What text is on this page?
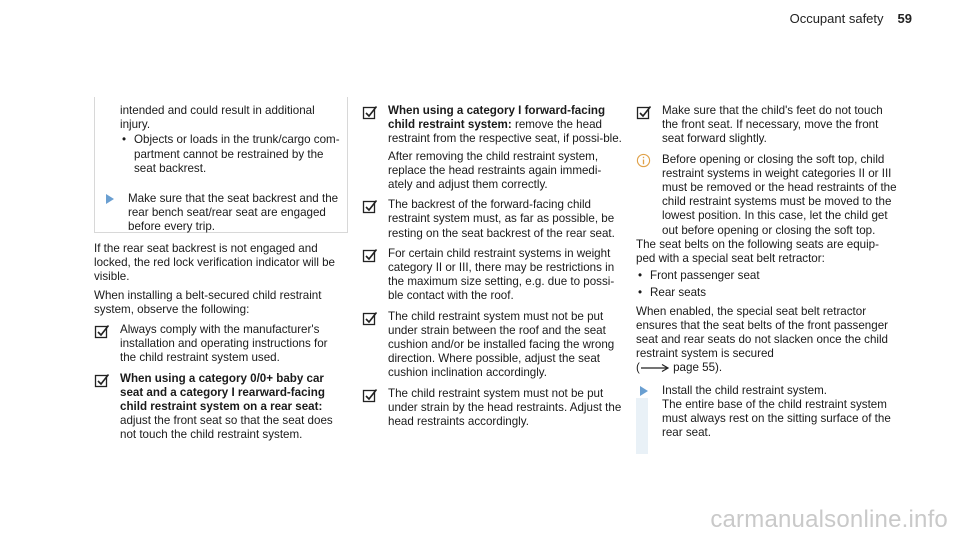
Occupant safety 59

intended and could result in additional injury.

• Objects or loads in the trunk/cargo com-partment cannot be restrained by the seat backrest.
Make sure that the seat backrest and the rear bench seat/rear seat are engaged before every trip.

If the rear seat backrest is not engaged and locked, the red lock verification indicator will be visible.

When installing a belt-secured child restraint system, observe the following:

Always comply with the manufacturer's installation and operating instructions for the child restraint system used.
When using a category 0/0+ baby car seat and a category I rearward-facing child restraint system on a rear seat: adjust the front seat so that the seat does not touch the child restraint system.
When using a category I forward-facing child restraint system: remove the head restraint from the respective seat, if possi-ble.

After removing the child restraint system, replace the head restraints again immedi-ately and adjust them correctly.

The backrest of the forward-facing child restraint system must, as far as possible, be resting on the seat backrest of the rear seat.
For certain child restraint systems in weight category II or III, there may be restrictions in the maximum size setting, e.g. due to possi-ble contact with the roof.
The child restraint system must not be put under strain between the roof and the seat cushion and/or be installed facing the wrong direction. Where possible, adjust the seat cushion inclination accordingly.
The child restraint system must not be put under strain by the head restraints. Adjust the head restraints accordingly.
Make sure that the child's feet do not touch the front seat. If necessary, move the front seat forward slightly.
Before opening or closing the soft top, child restraint systems in weight categories II or III must be removed or the head restraints of the child restraint systems must be moved to the lowest position. In this case, let the child get out before opening or closing the soft top.

The seat belts on the following seats are equip-ped with a special seat belt retractor:

• Front passenger seat
• Rear seats

When enabled, the special seat belt retractor ensures that the seat belts of the front passenger seat and rear seats do not slacken once the child restraint system is secured

(	page 55).

Install the child restraint system.

The entire base of the child restraint system must always rest on the sitting surface of the rear seat.

carmanualsonline.info
